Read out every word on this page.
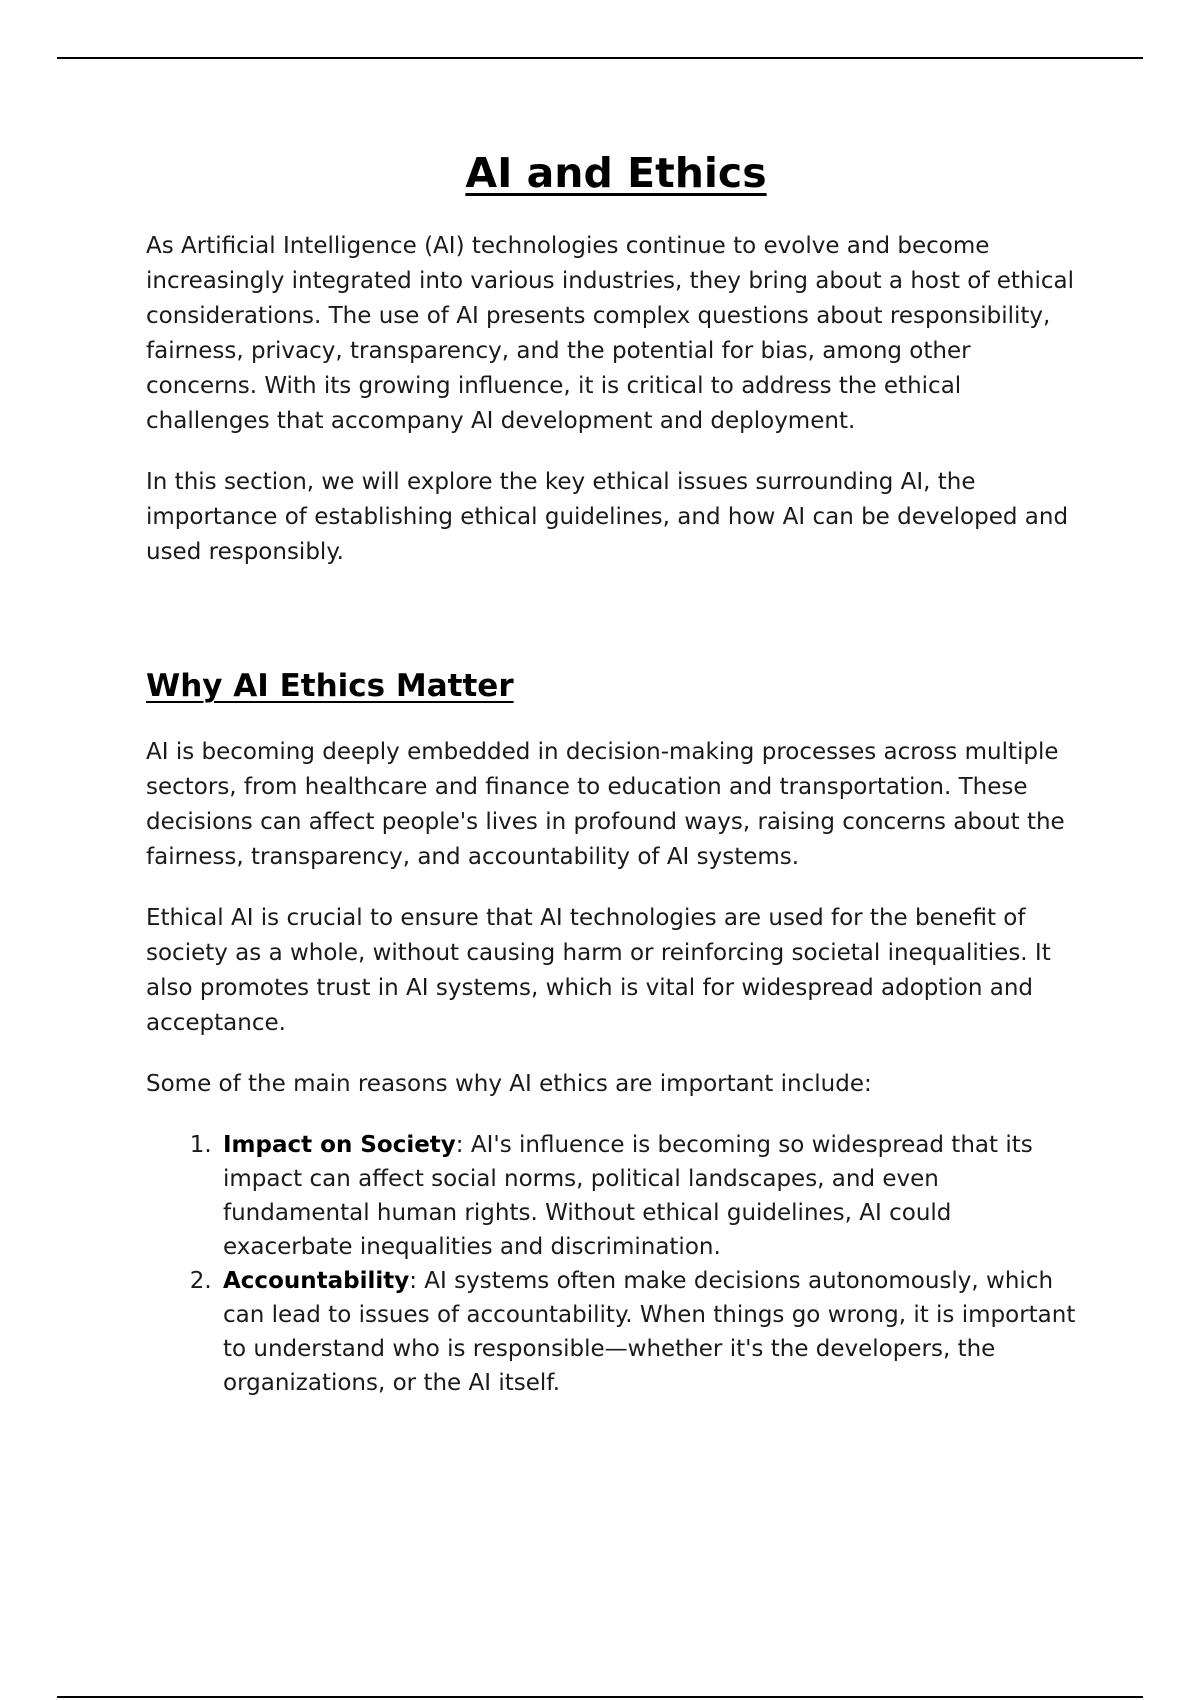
AI and Ethics

As Artificial Intelligence (AI) technologies continue to evolve and become increasingly integrated into various industries, they bring about a host of ethical considerations. The use of AI presents complex questions about responsibility, fairness, privacy, transparency, and the potential for bias, among other concerns. With its growing influence, it is critical to address the ethical challenges that accompany AI development and deployment.

In this section, we will explore the key ethical issues surrounding AI, the importance of establishing ethical guidelines, and how AI can be developed and used responsibly.

Why AI Ethics Matter

AI is becoming deeply embedded in decision-making processes across multiple sectors, from healthcare and finance to education and transportation. These decisions can affect people's lives in profound ways, raising concerns about the fairness, transparency, and accountability of AI systems.

Ethical AI is crucial to ensure that AI technologies are used for the benefit of society as a whole, without causing harm or reinforcing societal inequalities. It also promotes trust in AI systems, which is vital for widespread adoption and acceptance.

Some of the main reasons why AI ethics are important include:

1. Impact on Society: AI's influence is becoming so widespread that its impact can affect social norms, political landscapes, and even fundamental human rights. Without ethical guidelines, AI could exacerbate inequalities and discrimination.
2. Accountability: AI systems often make decisions autonomously, which can lead to issues of accountability. When things go wrong, it is important to understand who is responsible—whether it's the developers, the organizations, or the AI itself.
